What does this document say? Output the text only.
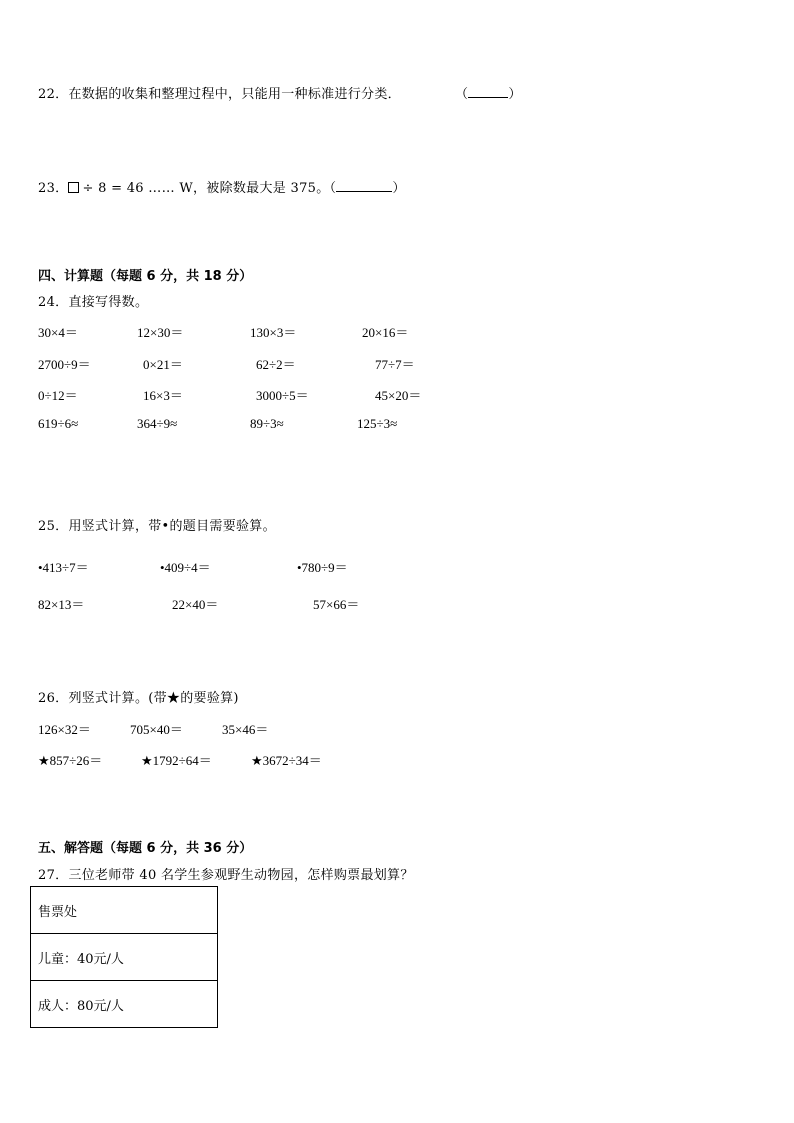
22．在数据的收集和整理过程中，只能用一种标准进行分类．	（	）
23． ÷ 8 = 46 …… W，被除数最大是 375。（	）
四、计算题（每题 6 分，共 18 分）
24．直接写得数。
30×4＝	12×30＝	130×3＝	20×16＝
2700÷9＝	0×21＝	62÷2＝	77÷7＝
0÷12＝	16×3＝	3000÷5＝	45×20＝
619÷6≈	364÷9≈	89÷3≈	125÷3≈
25．用竖式计算，带•的题目需要验算。
•413÷7＝	•409÷4＝	•780÷9＝
82×13＝	22×40＝	57×66＝
26．列竖式计算。(带★的要验算)
126×32＝	705×40＝	35×46＝
★857÷26＝	★1792÷64＝	★3672÷34＝
五、解答题（每题 6 分，共 36 分）
27．三位老师带 40 名学生参观野生动物园，怎样购票最划算？
售票处
儿童：40元/人
成人：80元/人
